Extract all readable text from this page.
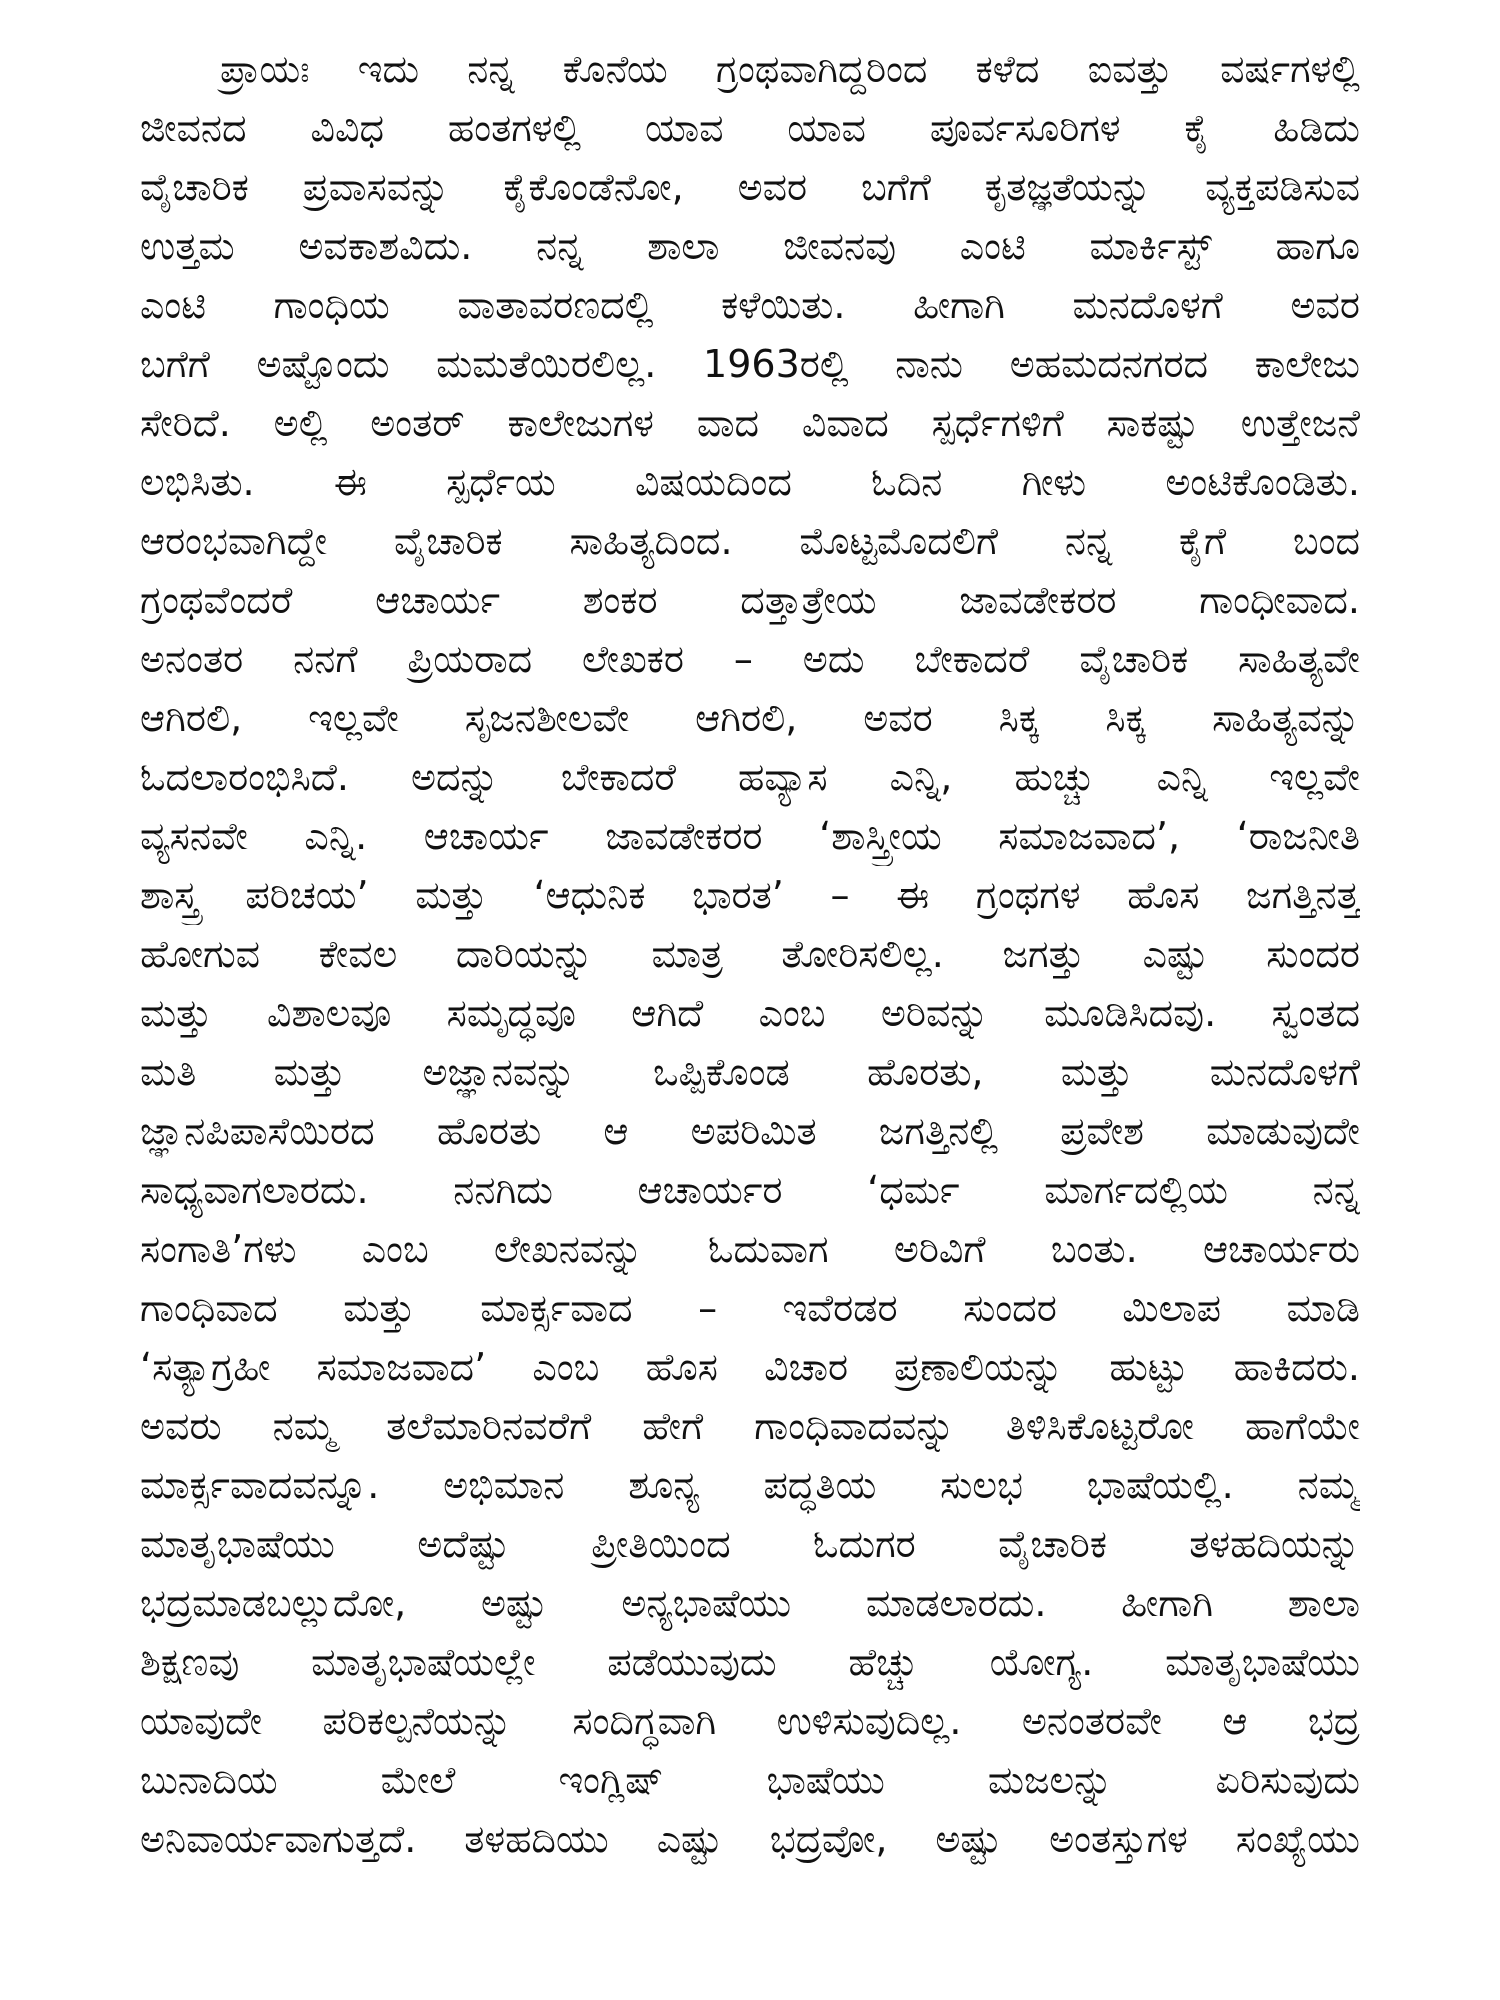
ಪ್ರಾಯಃ ಇದು ನನ್ನ ಕೊನೆಯ ಗ್ರಂಥವಾಗಿದ್ದರಿಂದ ಕಳೆದ ಐವತ್ತು ವರ್ಷಗಳಲ್ಲಿ
ಜೀವನದ ವಿವಿಧ ಹಂತಗಳಲ್ಲಿ ಯಾವ ಯಾವ ಪೂರ್ವಸೂರಿಗಳ ಕೈ ಹಿಡಿದು
ವೈಚಾರಿಕ ಪ್ರವಾಸವನ್ನು ಕೈಕೊಂಡೆನೋ, ಅವರ ಬಗೆಗೆ ಕೃತಜ್ಞತೆಯನ್ನು ವ್ಯಕ್ತಪಡಿಸುವ
ಉತ್ತಮ ಅವಕಾಶವಿದು. ನನ್ನ ಶಾಲಾ ಜೀವನವು ಎಂಟಿ ಮಾರ್ಕಿಸ್ಟ್ ಹಾಗೂ
ಎಂಟಿ ಗಾಂಧಿಯ ವಾತಾವರಣದಲ್ಲಿ ಕಳೆಯಿತು. ಹೀಗಾಗಿ ಮನದೊಳಗೆ ಅವರ
ಬಗೆಗೆ ಅಷ್ಟೊಂದು ಮಮತೆಯಿರಲಿಲ್ಲ. 1963ರಲ್ಲಿ ನಾನು ಅಹಮದನಗರದ ಕಾಲೇಜು
ಸೇರಿದೆ. ಅಲ್ಲಿ ಅಂತರ್ ಕಾಲೇಜುಗಳ ವಾದ ವಿವಾದ ಸ್ಪರ್ಧೆಗಳಿಗೆ ಸಾಕಷ್ಟು ಉತ್ತೇಜನೆ
ಲಭಿಸಿತು. ಈ ಸ್ಪರ್ಧೆಯ ವಿಷಯದಿಂದ ಓದಿನ ಗೀಳು ಅಂಟಿಕೊಂಡಿತು.
ಆರಂಭವಾಗಿದ್ದೇ ವೈಚಾರಿಕ ಸಾಹಿತ್ಯದಿಂದ. ಮೊಟ್ಟಮೊದಲಿಗೆ ನನ್ನ ಕೈಗೆ ಬಂದ
ಗ್ರಂಥವೆಂದರೆ ಆಚಾರ್ಯ ಶಂಕರ ದತ್ತಾತ್ರೇಯ ಜಾವಡೇಕರರ ಗಾಂಧೀವಾದ.
ಅನಂತರ ನನಗೆ ಪ್ರಿಯರಾದ ಲೇಖಕರ – ಅದು ಬೇಕಾದರೆ ವೈಚಾರಿಕ ಸಾಹಿತ್ಯವೇ
ಆಗಿರಲಿ, ಇಲ್ಲವೇ ಸೃಜನಶೀಲವೇ ಆಗಿರಲಿ, ಅವರ ಸಿಕ್ಕ ಸಿಕ್ಕ ಸಾಹಿತ್ಯವನ್ನು
ಓದಲಾರಂಭಿಸಿದೆ. ಅದನ್ನು ಬೇಕಾದರೆ ಹವ್ಯಾಸ ಎನ್ನಿ, ಹುಚ್ಚು ಎನ್ನಿ ಇಲ್ಲವೇ
ವ್ಯಸನವೇ ಎನ್ನಿ. ಆಚಾರ್ಯ ಜಾವಡೇಕರರ ‘ಶಾಸ್ತ್ರೀಯ ಸಮಾಜವಾದ’, ‘ರಾಜನೀತಿ
ಶಾಸ್ತ್ರ ಪರಿಚಯ’ ಮತ್ತು ‘ಆಧುನಿಕ ಭಾರತ’ – ಈ ಗ್ರಂಥಗಳ ಹೊಸ ಜಗತ್ತಿನತ್ತ
ಹೋಗುವ ಕೇವಲ ದಾರಿಯನ್ನು ಮಾತ್ರ ತೋರಿಸಲಿಲ್ಲ. ಜಗತ್ತು ಎಷ್ಟು ಸುಂದರ
ಮತ್ತು ವಿಶಾಲವೂ ಸಮೃದ್ಧವೂ ಆಗಿದೆ ಎಂಬ ಅರಿವನ್ನು ಮೂಡಿಸಿದವು. ಸ್ವಂತದ
ಮತಿ ಮತ್ತು ಅಜ್ಞಾನವನ್ನು ಒಪ್ಪಿಕೊಂಡ ಹೊರತು, ಮತ್ತು ಮನದೊಳಗೆ
ಜ್ಞಾನಪಿಪಾಸೆಯಿರದ ಹೊರತು ಆ ಅಪರಿಮಿತ ಜಗತ್ತಿನಲ್ಲಿ ಪ್ರವೇಶ ಮಾಡುವುದೇ
ಸಾಧ್ಯವಾಗಲಾರದು. ನನಗಿದು ಆಚಾರ್ಯರ ‘ಧರ್ಮ ಮಾರ್ಗದಲ್ಲಿಯ ನನ್ನ
ಸಂಗಾತಿ’ಗಳು ಎಂಬ ಲೇಖನವನ್ನು ಓದುವಾಗ ಅರಿವಿಗೆ ಬಂತು. ಆಚಾರ್ಯರು
ಗಾಂಧಿವಾದ ಮತ್ತು ಮಾರ್ಕ್ಸವಾದ – ಇವೆರಡರ ಸುಂದರ ಮಿಲಾಪ ಮಾಡಿ
‘ಸತ್ಯಾಗ್ರಹೀ ಸಮಾಜವಾದ’ ಎಂಬ ಹೊಸ ವಿಚಾರ ಪ್ರಣಾಲಿಯನ್ನು ಹುಟ್ಟು ಹಾಕಿದರು.
ಅವರು ನಮ್ಮ ತಲೆಮಾರಿನವರೆಗೆ ಹೇಗೆ ಗಾಂಧಿವಾದವನ್ನು ತಿಳಿಸಿಕೊಟ್ಟರೋ ಹಾಗೆಯೇ
ಮಾರ್ಕ್ಸವಾದವನ್ನೂ. ಅಭಿಮಾನ ಶೂನ್ಯ ಪದ್ಧತಿಯ ಸುಲಭ ಭಾಷೆಯಲ್ಲಿ. ನಮ್ಮ
ಮಾತೃಭಾಷೆಯು ಅದೆಷ್ಟು ಪ್ರೀತಿಯಿಂದ ಓದುಗರ ವೈಚಾರಿಕ ತಳಹದಿಯನ್ನು
ಭದ್ರಮಾಡಬಲ್ಲುದೋ, ಅಷ್ಟು ಅನ್ಯಭಾಷೆಯು ಮಾಡಲಾರದು. ಹೀಗಾಗಿ ಶಾಲಾ
ಶಿಕ್ಷಣವು ಮಾತೃಭಾಷೆಯಲ್ಲೇ ಪಡೆಯುವುದು ಹೆಚ್ಚು ಯೋಗ್ಯ. ಮಾತೃಭಾಷೆಯು
ಯಾವುದೇ ಪರಿಕಲ್ಪನೆಯನ್ನು ಸಂದಿಗ್ಧವಾಗಿ ಉಳಿಸುವುದಿಲ್ಲ. ಅನಂತರವೇ ಆ ಭದ್ರ
ಬುನಾದಿಯ ಮೇಲೆ ಇಂಗ್ಲಿಷ್ ಭಾಷೆಯು ಮಜಲನ್ನು ಏರಿಸುವುದು
ಅನಿವಾರ್ಯವಾಗುತ್ತದೆ. ತಳಹದಿಯು ಎಷ್ಟು ಭದ್ರವೋ, ಅಷ್ಟು ಅಂತಸ್ತುಗಳ ಸಂಖ್ಯೆಯು
